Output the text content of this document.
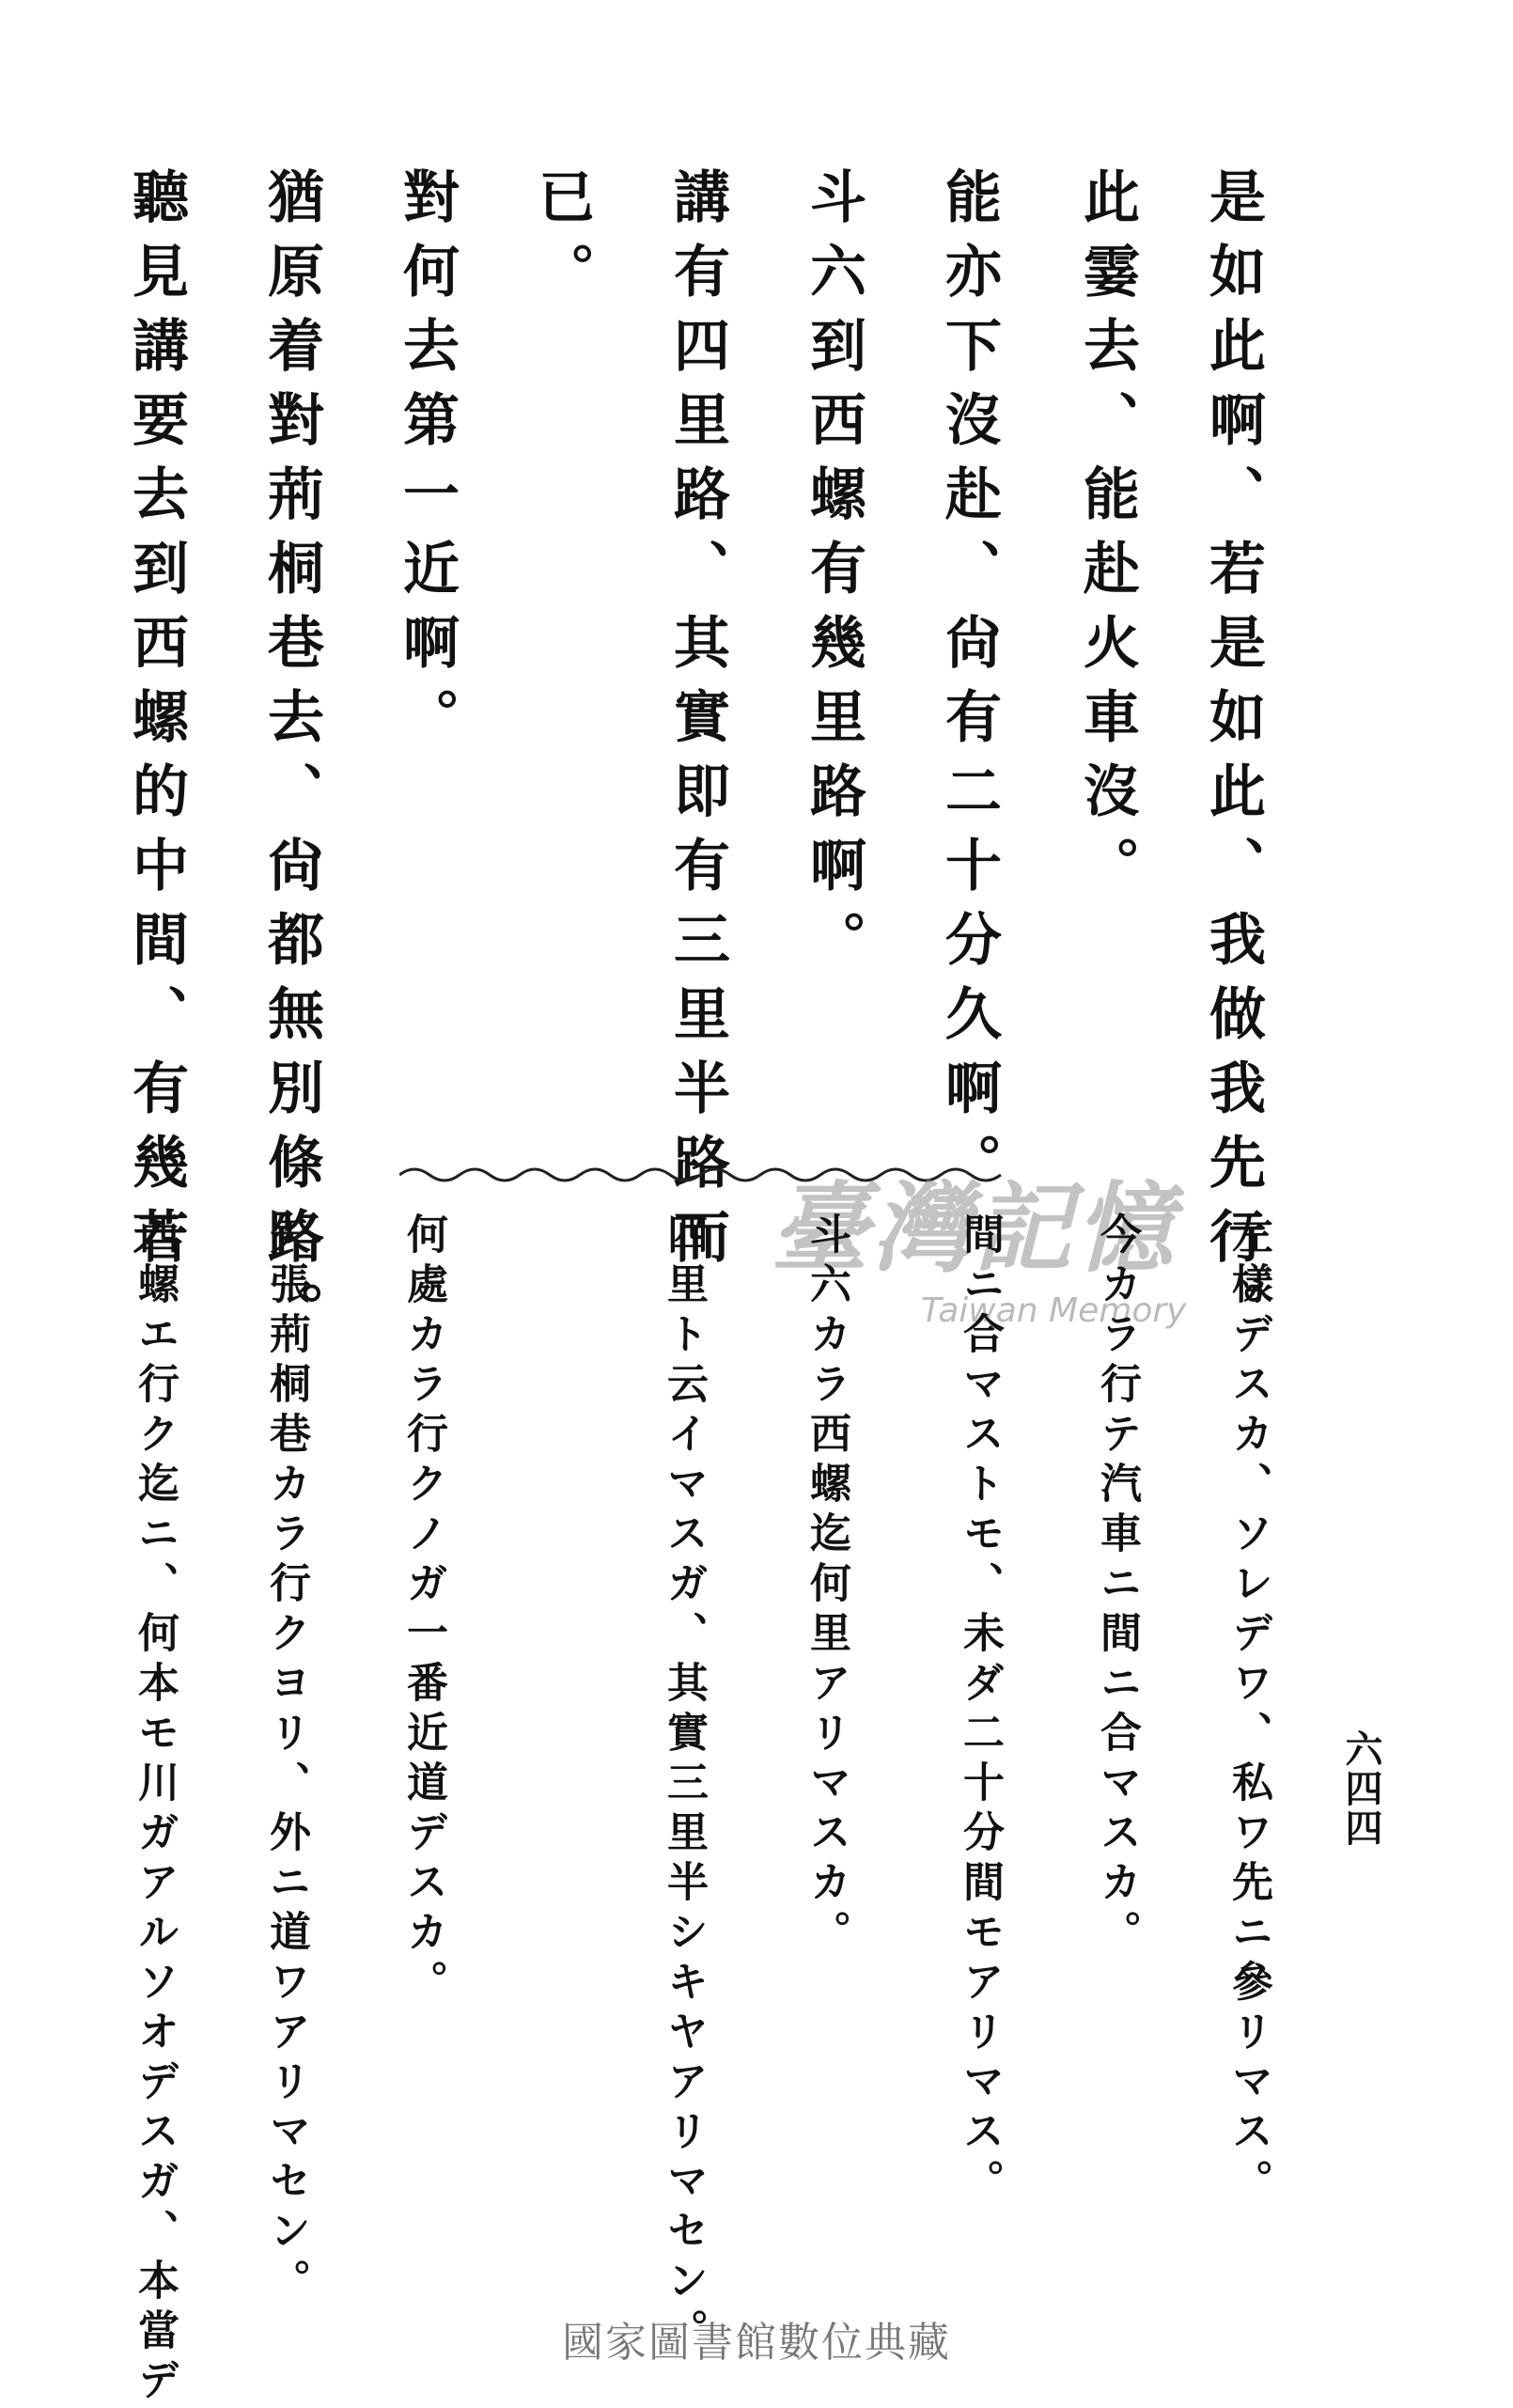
六四四
是如此啊、若是如此、我做我先行。
此霎去、能赴火車沒。
能亦下沒赴、尙有二十分久啊。
斗六到西螺有幾里路啊。
講有四里路、其實即有三里半路而
已。
對何去第一近啊。
猶原着對荊桐巷去、尙都無別條路。
聽見講要去到西螺的中間、有幾若	臺灣記憶
Taiwan Memory 左樣デスカ、ソレデワ、私ワ先ニ參リマス。
今カラ行テ汽車ニ間ニ合マスカ。
間ニ合マストモ、未ダ二十分間モアリマス。
斗六カラ西螺迄何里アリマスカ。
四里ト云イマスガ、其實三里半シキヤアリマセン。
何處カラ行クノガ一番近道デスカ。
矢張荊桐巷カラ行クヨリ、外ニ道ワアリマセン。
西螺エ行ク迄ニ、何本モ川ガアルソオデスガ、本當デ	國家圖書館數位典藏
